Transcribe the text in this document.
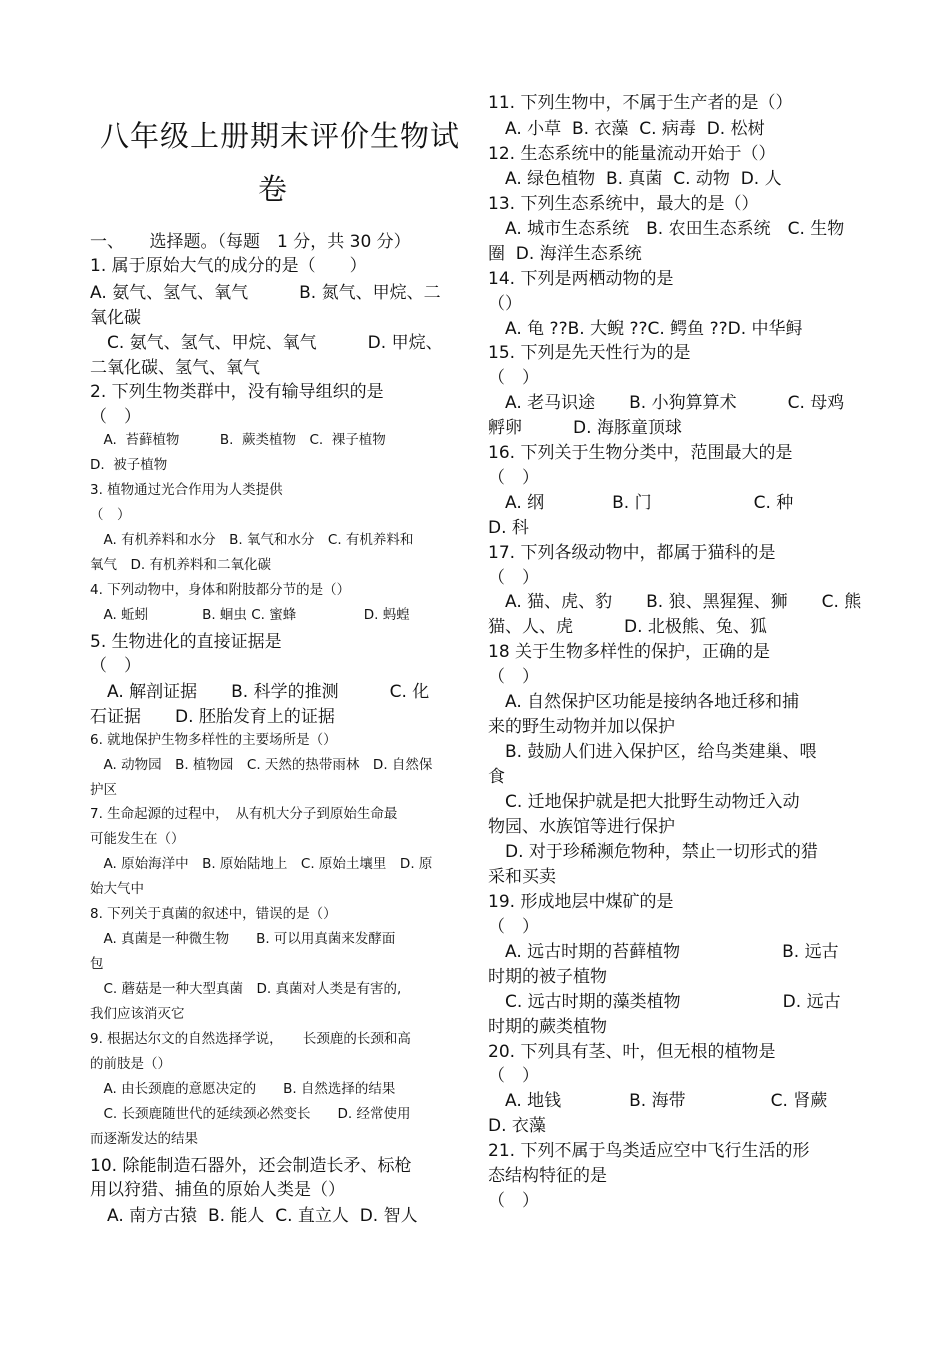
八年级上册期末评价生物试
卷
一、　　选择题。（每题　1 分，共 30 分）
1. 属于原始大气的成分的是（　　）
A. 氨气、氢气、氧气　　　B. 氮气、甲烷、二
氧化碳
　C. 氨气、氢气、甲烷、氧气　　　D. 甲烷、
二氧化碳、氢气、氧气
2. 下列生物类群中，没有输导组织的是
（　）
　A.  苔藓植物　　　B.  蕨类植物　C.  裸子植物
D.  被子植物
3. 植物通过光合作用为人类提供
（　）
　A. 有机养料和水分　B. 氧气和水分　C. 有机养料和
氧气　D. 有机养料和二氧化碳
4. 下列动物中，身体和附肢都分节的是（）
　A. 蚯蚓　　　　B. 蛔虫 C. 蜜蜂　　　　　D. 蚂蝗
5. 生物进化的直接证据是
（　）
　A. 解剖证据　　B. 科学的推测　　　C. 化
石证据　　D. 胚胎发育上的证据
6. 就地保护生物多样性的主要场所是（）
　A. 动物园　B. 植物园　C. 天然的热带雨林　D. 自然保
护区
7. 生命起源的过程中，　从有机大分子到原始生命最
可能发生在（）
　A. 原始海洋中　B. 原始陆地上　C. 原始土壤里　D. 原
始大气中
8. 下列关于真菌的叙述中，错误的是（）
　A. 真菌是一种微生物　　B. 可以用真菌来发酵面
包
　C. 蘑菇是一种大型真菌　D. 真菌对人类是有害的,
我们应该消灭它
9. 根据达尔文的自然选择学说，　　长颈鹿的长颈和高
的前肢是（）
　A. 由长颈鹿的意愿决定的　　B. 自然选择的结果
　C. 长颈鹿随世代的延续颈必然变长　　D. 经常使用
而逐渐发达的结果
10. 除能制造石器外，还会制造长矛、标枪
用以狩猎、捕鱼的原始人类是（）
　A. 南方古猿  B. 能人  C. 直立人  D. 智人
11. 下列生物中，不属于生产者的是（）
　A. 小草  B. 衣藻  C. 病毒  D. 松树
12. 生态系统中的能量流动开始于（）
　A. 绿色植物  B. 真菌  C. 动物  D. 人
13. 下列生态系统中，最大的是（）
　A. 城市生态系统　B. 农田生态系统　C. 生物
圈  D. 海洋生态系统
14. 下列是两栖动物的是
（）
　A. 龟 ??B. 大鲵 ??C. 鳄鱼 ??D. 中华鲟
15. 下列是先天性行为的是
（　）
　A. 老马识途　　B. 小狗算算术　　　C. 母鸡
孵卵　　　D. 海豚童顶球
16. 下列关于生物分类中，范围最大的是
（　）
　A. 纲　　　　B. 门　　　　　　C. 种
D. 科
17. 下列各级动物中，都属于猫科的是
（　）
　A. 猫、虎、豹　　B. 狼、黑猩猩、狮　　C. 熊
猫、人、虎　　　D. 北极熊、兔、狐
18 关于生物多样性的保护，正确的是
（　）
　A. 自然保护区功能是接纳各地迁移和捕
来的野生动物并加以保护
　B. 鼓励人们进入保护区，给鸟类建巢、喂
食
　C. 迁地保护就是把大批野生动物迁入动
物园、水族馆等进行保护
　D. 对于珍稀濒危物种，禁止一切形式的猎
采和买卖
19. 形成地层中煤矿的是
（　）
　A. 远古时期的苔藓植物　　　　　　B. 远古
时期的被子植物
　C. 远古时期的藻类植物　　　　　　D. 远古
时期的蕨类植物
20. 下列具有茎、叶，但无根的植物是
（　）
　A. 地钱　　　　B. 海带　　　　　C. 肾蕨
D. 衣藻
21. 下列不属于鸟类适应空中飞行生活的形
态结构特征的是
（　）
